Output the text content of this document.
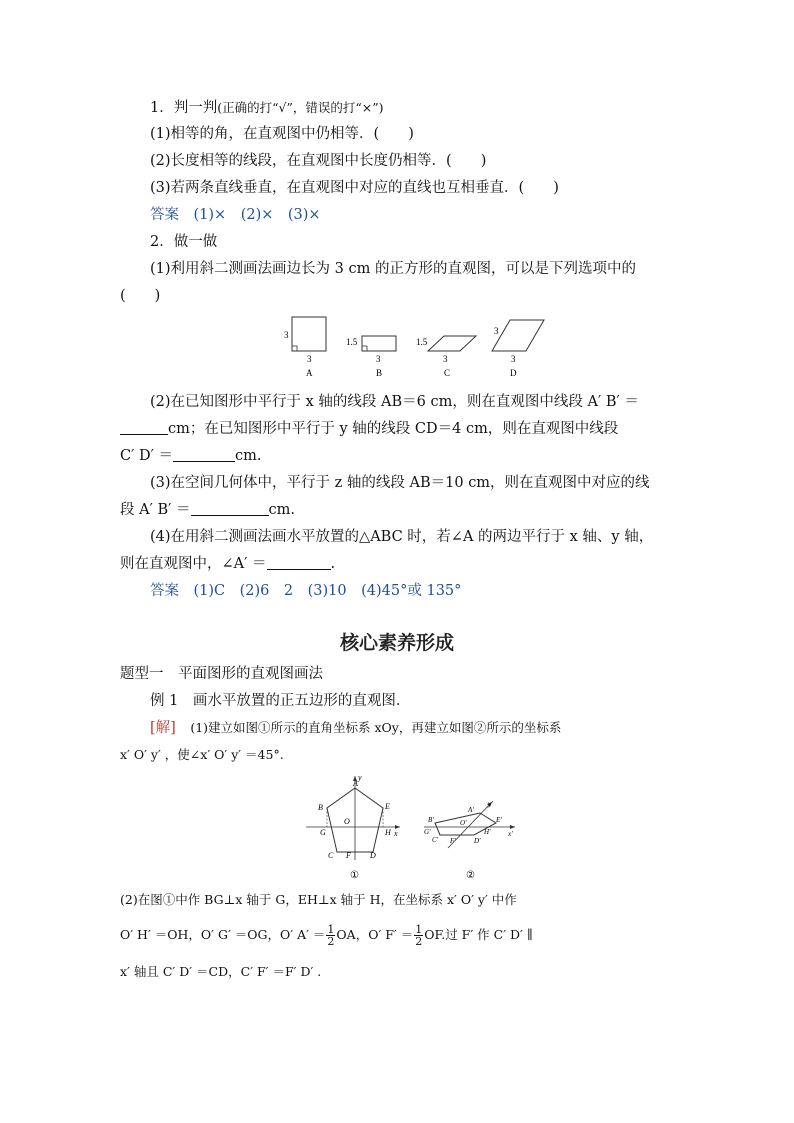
1．判一判(正确的打“√”，错误的打“×”)
(1)相等的角，在直观图中仍相等．(　　)
(2)长度相等的线段，在直观图中长度仍相等．(　　)
(3)若两条直线垂直，在直观图中对应的直线也互相垂直．(　　)
答案　 (1)×　(2)×　(3)×
2．做一做
(1)利用斜二测画法画边长为 3 cm 的正方形的直观图，可以是下列选项中的
(　　)
3
3
A
1.5
3
B
1.5
3
C
3
3
D
(2)在已知图形中平行于 x 轴的线段 AB＝6 cm，则在直观图中线段 A′ B′ ＝
cm；在已知图形中平行于 y 轴的线段 CD＝4 cm，则在直观图中线段
C′ D′ ＝	cm.
(3)在空间几何体中，平行于 z 轴的线段 AB＝10 cm，则在直观图中对应的线
段 A′ B′ ＝	cm.
(4)在用斜二测画法画水平放置的△ABC 时，若∠A 的两边平行于 x 轴、y 轴，
则在直观图中，∠A′ ＝	.
答案　 (1)C　(2)6　2　(3)10　(4)45°或 135°
核心素养形成
题型一　平面图形的直观图画法
例 1　画水平放置的正五边形的直观图．
[解]　 (1)建立如图①所示的直角坐标系 xOy，再建立如图②所示的坐标系
x′ O′ y′ ，使∠x′ O′ y′ ＝45°.
y
x
A
B	E
O
G	H
C F D
①
y′
x′
A′
B′	E′
O′
G′	H′
C′ F′	D′
②
(2)在图①中作 BG⊥x 轴于 G，EH⊥x 轴于 H，在坐标系 x′ O′ y′ 中作
O′ H′ ＝OH，O′ G′ ＝OG，O′ $A' = \frac{1}{2}$ OA，O′ $F' = \frac{1}{2}$ OF.过 F′ 作 C′ D′ ∥
x′ 轴且 C′ D′ ＝CD，C′ F′ ＝F′ D′ .
